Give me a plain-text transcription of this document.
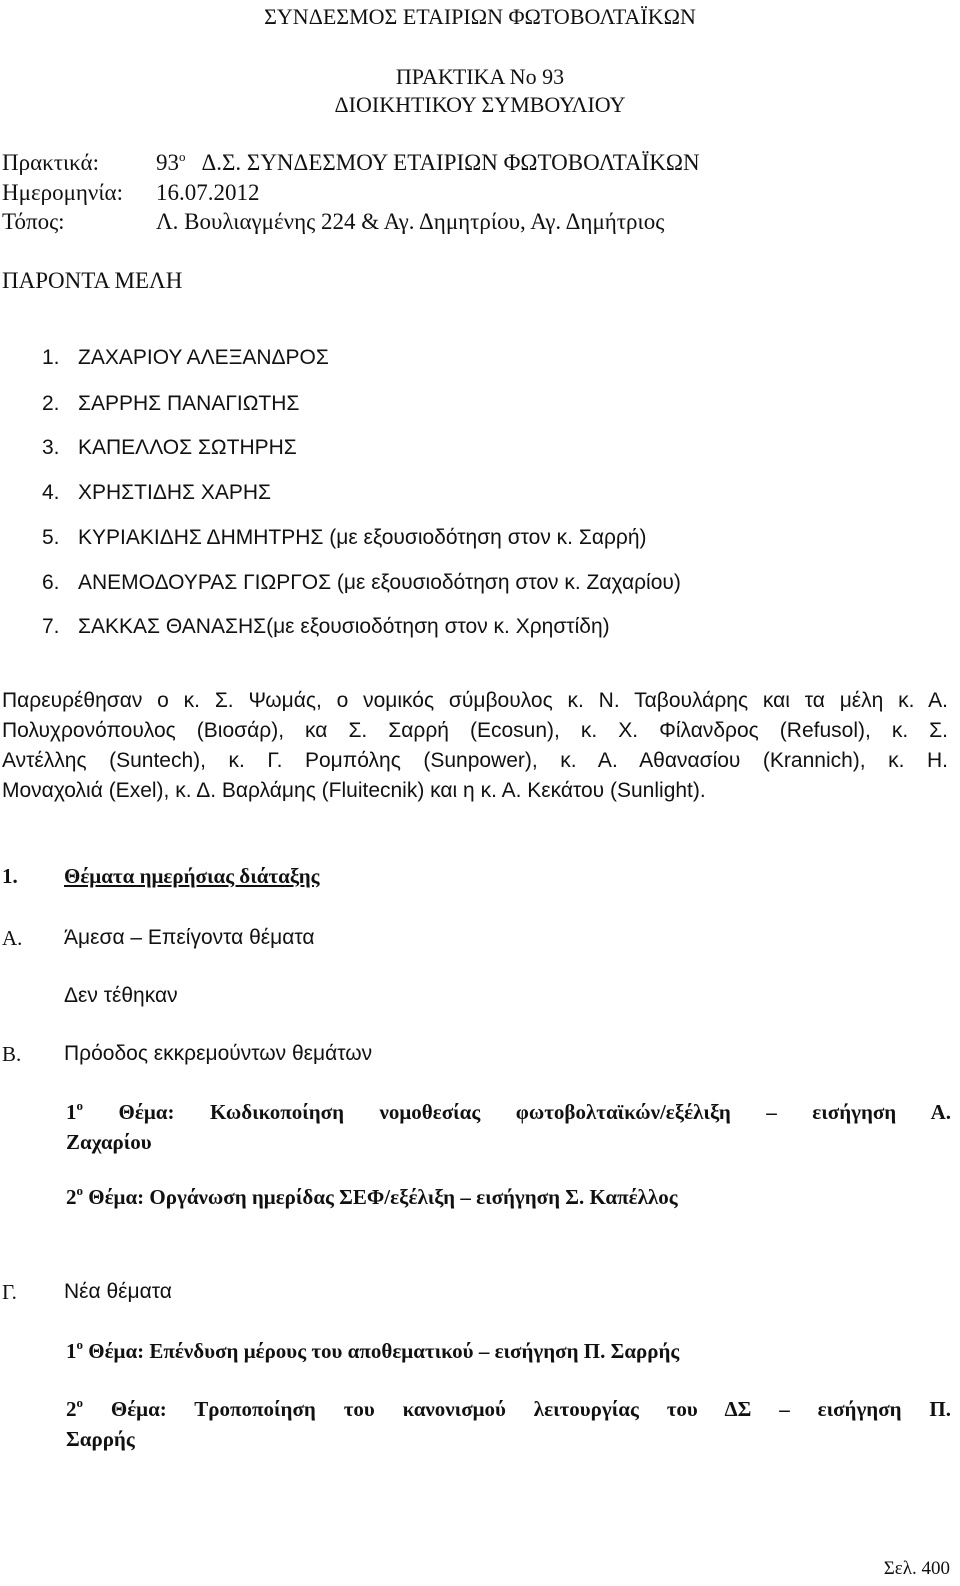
ΣΥΝΔΕΣΜΟΣ ΕΤΑΙΡΙΩΝ ΦΩΤΟΒΟΛΤΑΪΚΩΝ
ΠΡΑΚΤΙΚΑ Νο 93
ΔΙΟΙΚΗΤΙΚΟΥ ΣΥΜΒΟΥΛΙΟΥ
Πρακτικά: $93^o$ Δ.Σ. ΣΥΝΔΕΣΜΟΥ ΕΤΑΙΡΙΩΝ ΦΩΤΟΒΟΛΤΑΪΚΩΝ
Ημερομηνία: 16.07.2012
Τόπος:	Λ. Βουλιαγμένης 224 & Αγ. Δημητρίου, Αγ. Δημήτριος
ΠΑΡΟΝΤΑ ΜΕΛΗ
1. ΖΑΧΑΡΙΟΥ ΑΛΕΞΑΝΔΡΟΣ
2. ΣΑΡΡΗΣ ΠΑΝΑΓΙΩΤΗΣ
3. ΚΑΠΕΛΛΟΣ ΣΩΤΗΡΗΣ
4. ΧΡΗΣΤΙΔΗΣ ΧΑΡΗΣ
5. ΚΥΡΙΑΚΙΔΗΣ ΔΗΜΗΤΡΗΣ (με εξουσιοδότηση στον κ. Σαρρή)
6. ΑΝΕΜΟΔΟΥΡΑΣ ΓΙΩΡΓΟΣ (με εξουσιοδότηση στον κ. Ζαχαρίου)
7. ΣΑΚΚΑΣ ΘΑΝΑΣΗΣ(με εξουσιοδότηση στον κ. Χρηστίδη)
Παρευρέθησαν ο κ. Σ. Ψωμάς, ο νομικός σύμβουλος κ. Ν. Ταβουλάρης και τα μέλη κ. Α.
Πολυχρονόπουλος (Βιοσάρ), κα Σ. Σαρρή (Ecosun), κ. Χ. Φίλανδρος (Refusol), κ. Σ.
Αντέλλης (Suntech), κ. Γ. Ρομπόλης (Sunpower), κ. Α. Αθανασίου (Krannich), κ. Η.
Μοναχολιά (Exel), κ. Δ. Βαρλάμης (Fluitecnik) και η κ. Α. Κεκάτου (Sunlight).
1. Θέματα ημερήσιας διάταξης
Α. Άμεσα – Επείγοντα θέματα
Δεν τέθηκαν
Β. Πρόοδος εκκρεμούντων θεμάτων
$1^o$ Θέμα: Κωδικοποίηση νομοθεσίας φωτοβολταϊκών/εξέλιξη – εισήγηση Α.
Ζαχαρίου
$2^o$ Θέμα: Οργάνωση ημερίδας ΣΕΦ/εξέλιξη – εισήγηση Σ. Καπέλλος
Γ. Νέα θέματα
$1^o$ Θέμα: Επένδυση μέρους του αποθεματικού – εισήγηση Π. Σαρρής
$2^o$ Θέμα: Τροποποίηση του κανονισμού λειτουργίας του ΔΣ – εισήγηση Π.
Σαρρής
Σελ. 400
